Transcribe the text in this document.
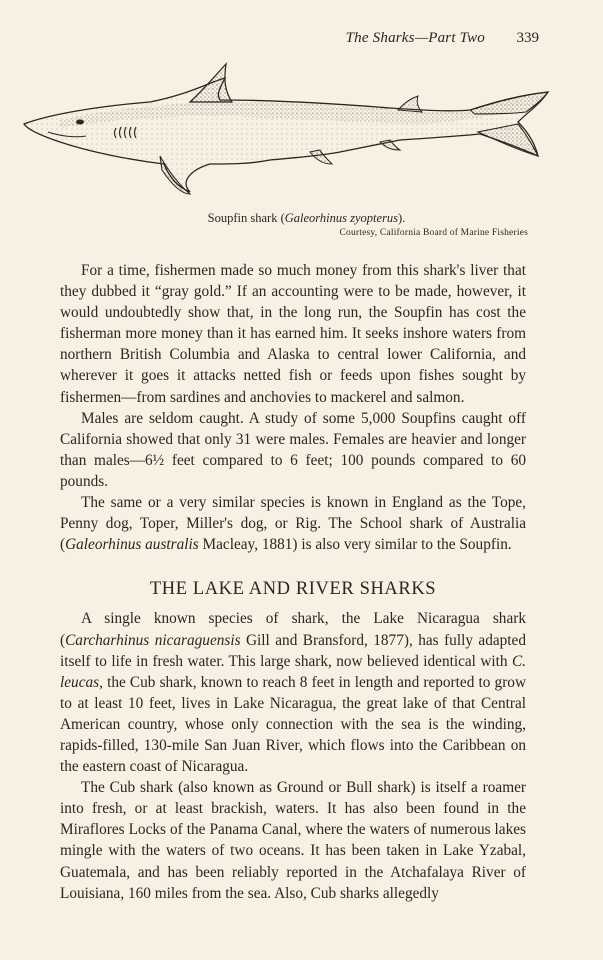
The Sharks—Part Two	339
Soupfin shark (Galeorhinus zyopterus).
Courtesy, California Board of Marine Fisheries

For a time, fishermen made so much money from this shark's liver that they dubbed it “gray gold.” If an accounting were to be made, however, it would undoubtedly show that, in the long run, the Soupfin has cost the fisherman more money than it has earned him. It seeks inshore waters from northern British Columbia and Alaska to central lower California, and wherever it goes it attacks netted fish or feeds upon fishes sought by fishermen—from sardines and anchovies to mackerel and salmon.

Males are seldom caught. A study of some 5,000 Soupfins caught off California showed that only 31 were males. Females are heavier and longer than males—6½ feet compared to 6 feet; 100 pounds compared to 60 pounds.

The same or a very similar species is known in England as the Tope, Penny dog, Toper, Miller's dog, or Rig. The School shark of Australia (Galeorhinus australis Macleay, 1881) is also very similar to the Soupfin.

THE LAKE AND RIVER SHARKS

A single known species of shark, the Lake Nicaragua shark (Carcharhinus nicaraguensis Gill and Bransford, 1877), has fully adapted itself to life in fresh water. This large shark, now believed identical with C. leucas, the Cub shark, known to reach 8 feet in length and reported to grow to at least 10 feet, lives in Lake Nicaragua, the great lake of that Central American country, whose only connection with the sea is the winding, rapids-filled, 130-mile San Juan River, which flows into the Caribbean on the eastern coast of Nicaragua.

The Cub shark (also known as Ground or Bull shark) is itself a roamer into fresh, or at least brackish, waters. It has also been found in the Miraflores Locks of the Panama Canal, where the waters of numerous lakes mingle with the waters of two oceans. It has been taken in Lake Yzabal, Guatemala, and has been reliably reported in the Atchafalaya River of Louisiana, 160 miles from the sea. Also, Cub sharks allegedly
